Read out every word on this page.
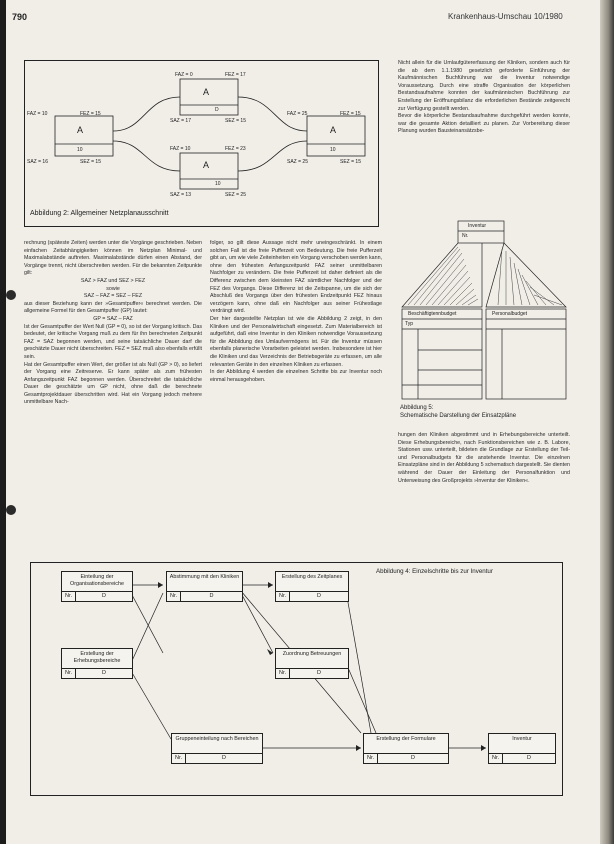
790	Krankenhaus-Umschau 10/1980
A
10
FAZ = 10	FEZ = 15
SAZ = 16	SEZ = 15
A
D
FAZ = 0	FEZ = 17
SAZ = 17	SEZ = 15
A
10
FAZ = 10	FEZ = 23
SAZ = 13	SEZ = 25
A
10
FAZ = 25	FEZ = 15
SAZ = 25	SEZ = 15
Abbildung 2: Allgemeiner Netzplanausschnitt

Nicht allein für die Umlaufgütererfassung der Kliniken, sondern auch für die ab dem 1.1.1980 gesetzlich geforderte Einführung der Kaufmännischen Buchführung war die Inventur notwendige Voraussetzung. Durch eine straffe Organisation der körperlichen Bestandsaufnahme konnten der kaufmännischen Buchführung zur Erstellung der Eröffnungsbilanz die erforderlichen Bestände zeitgerecht zur Verfügung gestellt werden.

Bevor die körperliche Bestandsaufnahme durchgeführt werden konnte, war die gesamte Aktion detailliert zu planen. Zur Vorbereitung dieser Planung wurden Bausteinansätzsbe-

rechnung (späteste Zeiten) werden unter die Vorgänge geschrieben. Neben einfachen Zeitabhängigkeiten können im Netzplan Minimal- und Maximalabstände auftreten. Maximalabstände dürfen einen Abstand, der Vorgänge trennt, nicht überschreiten werden. Für die bekannten Zeitpunkte gilt:

SAZ > FAZ und SEZ > FEZ

sowie

SAZ – FAZ = SEZ – FEZ

aus dieser Beziehung kann der »Gesamtpuffer« berechnet werden. Die allgemeine Formel für den Gesamtpuffer (GP) lautet:

GP = SAZ – FAZ

Ist der Gesamtpuffer der Wert Null (GP = 0), so ist der Vorgang kritisch. Das bedeutet, der kritische Vorgang muß zu dem für ihn berechneten Zeitpunkt FAZ = SAZ begonnen werden, und seine tatsächliche Dauer darf die geschätzte Dauer nicht überschreiten. FEZ = SEZ muß also ebenfalls erfüllt sein.

Hat der Gesamtpuffer einen Wert, der größer ist als Null (GP > 0), so liefert der Vorgang eine Zeitreserve. Er kann später als zum frühesten Anfangszeitpunkt FAZ begonnen werden. Überschreitet die tatsächliche Dauer die geschätzte um GP nicht, ohne daß die berechnete Gesamtprojektdauer überschritten wird. Hat ein Vorgang jedoch mehrere unmittelbare Nach-

folger, so gilt diese Aussage nicht mehr uneingeschränkt. In einem solchen Fall ist die freie Pufferzeit von Bedeutung. Die freie Pufferzeit gibt an, um wie viele Zeiteinheiten ein Vorgang verschoben werden kann, ohne den frühesten Anfangszeitpunkt FAZ seiner unmittelbaren Nachfolger zu verändern. Die freie Pufferzeit ist daher definiert als die Differenz zwischen dem kleinsten FAZ sämtlicher Nachfolger und der FEZ des Vorgangs. Diese Differenz ist die Zeitspanne, um die sich der Abschluß des Vorgangs über den frühesten Endzeitpunkt FEZ hinaus verzögern kann, ohne daß ein Nachfolger aus seiner Frühestlage verdrängt wird.

Der hier dargestellte Netzplan ist wie die Abbildung 2 zeigt, in den Kliniken und der Personalwirtschaft eingesetzt. Zum Materialbereich ist aufgeführt, daß eine Inventur in den Kliniken notwendige Voraussetzung für die Abbildung des Umlaufvermögens ist. Für die Inventur müssen ebenfalls planerische Vorarbeiten geleistet werden. Insbesondere ist hier die Kliniken und das Verzeichnis der Betriebsgeräte zu erfassen, um alle relevanten Geräte in den einzelnen Kliniken zu erfassen.

In der Abbildung 4 werden die einzelnen Schritte bis zur Inventur noch einmal herausgehoben.

Inventur
Nr.
Beschäftigtennbudget	Personalbudget
Typ
Abbildung 5:
Schematische Darstellung der Einsatzpläne

hungen den Kliniken abgestimmt und in Erhebungsbereiche unterteilt. Diese Erhebungsbereiche, nach Funktionsbereichen wie z. B. Labore, Stationen usw. unterteilt, bildeten die Grundlage zur Erstellung der Teil- und Personalbudgets für die anstehende Inventur. Die einzelnen Einsatzpläne sind in der Abbildung 5 schematisch dargestellt. Sie dienten während der Dauer der Einleitung der Personalfunktion und Unterweisung des Großprojekts »Inventur der Kliniken«.

Einteilung der Organisationsbereiche
Nr.	D
Abstimmung mit den Kliniken
Nr.	D
Erstellung des Zeitplanes
Nr.	D
Erstellung der Erhebungsbereiche
Nr.	D
Zuordnung Betreuungen
Nr.	D
Gruppeneinteilung nach Bereichen
Nr.	D
Erstellung der Formulare
Nr.	D
Inventur
Nr.	D
Abbildung 4: Einzelschritte bis zur Inventur
